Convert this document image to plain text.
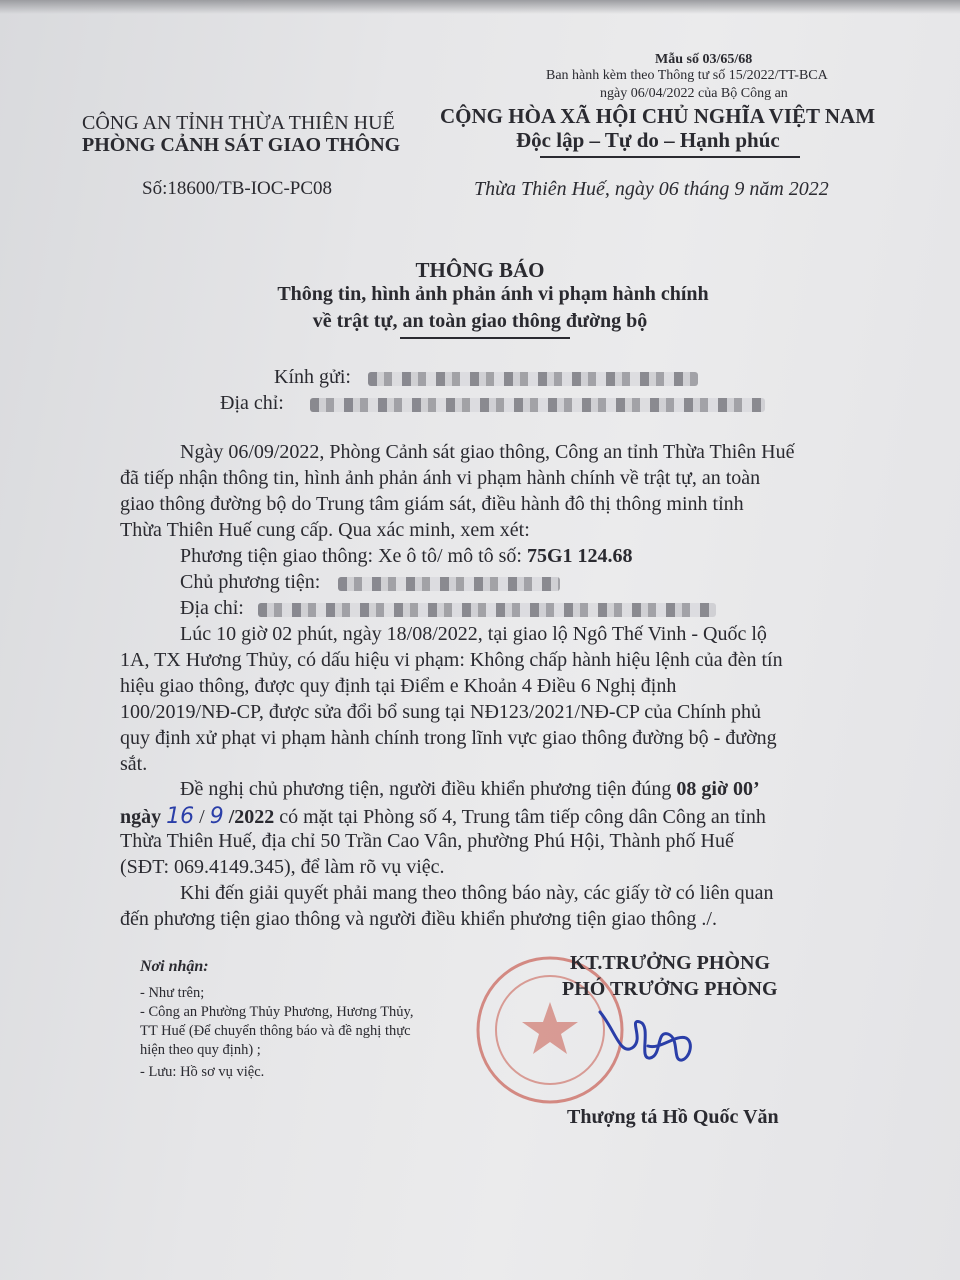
Mẫu số 03/65/68
Ban hành kèm theo Thông tư số 15/2022/TT-BCA
ngày 06/04/2022 của Bộ Công an
CÔNG AN TỈNH THỪA THIÊN HUẾ
PHÒNG CẢNH SÁT GIAO THÔNG
CỘNG HÒA XÃ HỘI CHỦ NGHĨA VIỆT NAM
Độc lập – Tự do – Hạnh phúc
Số:18600/TB-IOC-PC08	Thừa Thiên Huế, ngày 06 tháng 9 năm 2022
THÔNG BÁO
Thông tin, hình ảnh phản ánh vi phạm hành chính
về trật tự, an toàn giao thông đường bộ
Kính gửi:
Địa chỉ:
Ngày 06/09/2022, Phòng Cảnh sát giao thông, Công an tỉnh Thừa Thiên Huế
đã tiếp nhận thông tin, hình ảnh phản ánh vi phạm hành chính về trật tự, an toàn
giao thông đường bộ do Trung tâm giám sát, điều hành đô thị thông minh tỉnh
Thừa Thiên Huế cung cấp. Qua xác minh, xem xét:
Phương tiện giao thông: Xe ô tô/ mô tô số: 75G1 124.68
Chủ phương tiện:
Địa chỉ:
Lúc 10 giờ 02 phút, ngày 18/08/2022, tại giao lộ Ngô Thế Vinh - Quốc lộ
1A, TX Hương Thủy, có dấu hiệu vi phạm: Không chấp hành hiệu lệnh của đèn tín
hiệu giao thông, được quy định tại Điểm e Khoản 4 Điều 6 Nghị định
100/2019/NĐ-CP, được sửa đổi bổ sung tại NĐ123/2021/NĐ-CP của Chính phủ
quy định xử phạt vi phạm hành chính trong lĩnh vực giao thông đường bộ - đường
sắt.
Đề nghị chủ phương tiện, người điều khiển phương tiện đúng 08 giờ 00’
ngày 16 / 9 /2022 có mặt tại Phòng số 4, Trung tâm tiếp công dân Công an tỉnh
Thừa Thiên Huế, địa chỉ 50 Trần Cao Vân, phường Phú Hội, Thành phố Huế
(SĐT: 069.4149.345), để làm rõ vụ việc.
Khi đến giải quyết phải mang theo thông báo này, các giấy tờ có liên quan
đến phương tiện giao thông và người điều khiển phương tiện giao thông ./.
Nơi nhận:
- Như trên;
- Công an Phường Thủy Phương, Hương Thủy,
TT Huế (Để chuyển thông báo và đề nghị thực
hiện theo quy định) ;
- Lưu: Hồ sơ vụ việc.
KT.TRƯỞNG PHÒNG
PHÓ TRƯỞNG PHÒNG
Thượng tá Hồ Quốc Văn
